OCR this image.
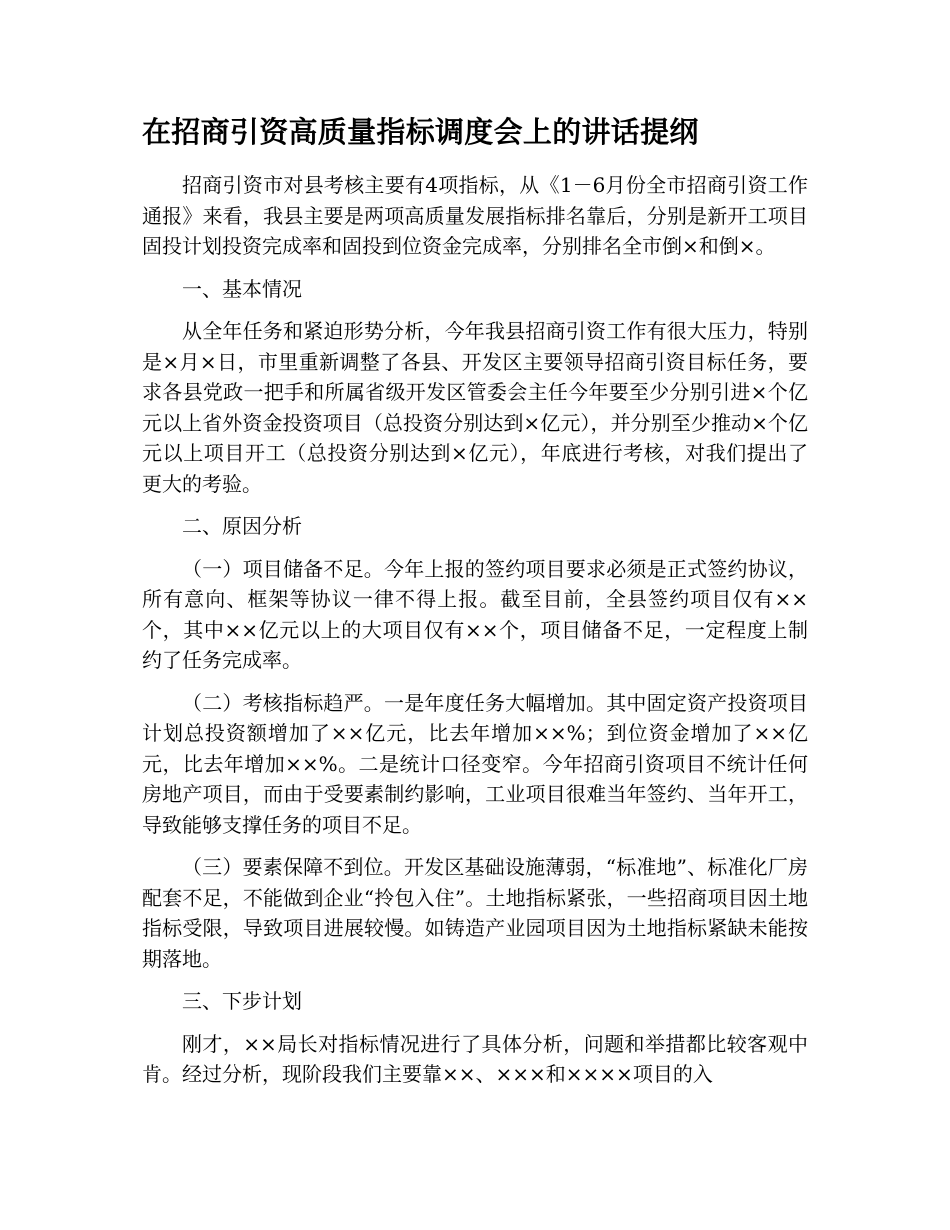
在招商引资高质量指标调度会上的讲话提纲

招商引资市对县考核主要有4项指标，从《1－6月份全市招商引资工作通报》来看，我县主要是两项高质量发展指标排名靠后，分别是新开工项目固投计划投资完成率和固投到位资金完成率，分别排名全市倒×和倒×。

一、基本情况

从全年任务和紧迫形势分析，今年我县招商引资工作有很大压力，特别是×月×日，市里重新调整了各县、开发区主要领导招商引资目标任务，要求各县党政一把手和所属省级开发区管委会主任今年要至少分别引进×个亿元以上省外资金投资项目（总投资分别达到×亿元），并分别至少推动×个亿元以上项目开工（总投资分别达到×亿元），年底进行考核，对我们提出了更大的考验。

二、原因分析

（一）项目储备不足。今年上报的签约项目要求必须是正式签约协议，所有意向、框架等协议一律不得上报。截至目前，全县签约项目仅有××个，其中××亿元以上的大项目仅有××个，项目储备不足，一定程度上制约了任务完成率。

（二）考核指标趋严。一是年度任务大幅增加。其中固定资产投资项目计划总投资额增加了××亿元，比去年增加××%；到位资金增加了××亿元，比去年增加××%。二是统计口径变窄。今年招商引资项目不统计任何房地产项目，而由于受要素制约影响，工业项目很难当年签约、当年开工，导致能够支撑任务的项目不足。

（三）要素保障不到位。开发区基础设施薄弱，“标准地”、标准化厂房配套不足，不能做到企业“拎包入住”。土地指标紧张，一些招商项目因土地指标受限，导致项目进展较慢。如铸造产业园项目因为土地指标紧缺未能按期落地。

三、下步计划

刚才，××局长对指标情况进行了具体分析，问题和举措都比较客观中肯。经过分析，现阶段我们主要靠××、×××和××××项目的入
